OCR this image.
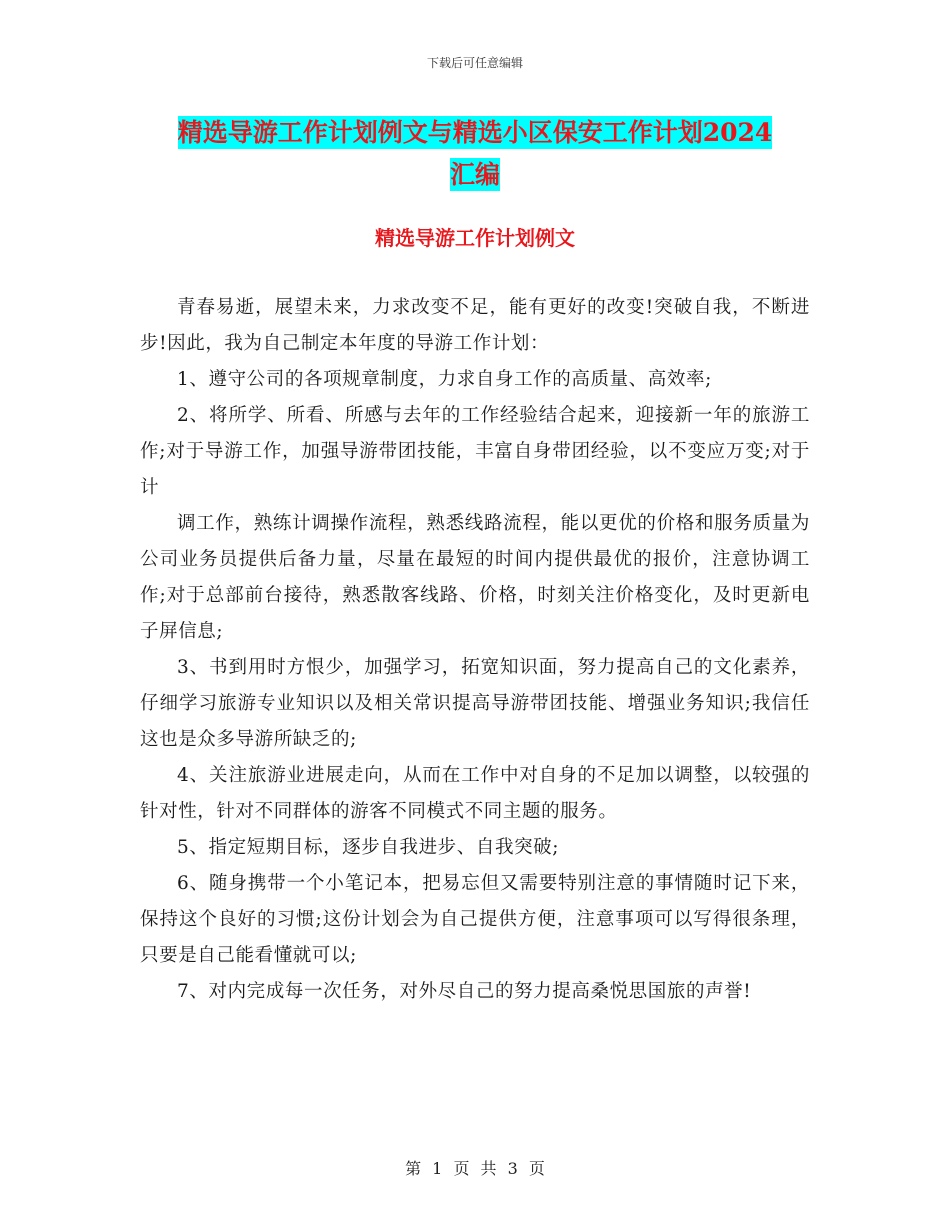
下载后可任意编辑
精选导游工作计划例文与精选小区保安工作计划2024
汇编
精选导游工作计划例文

青春易逝，展望未来，力求改变不足，能有更好的改变!突破自我，不断进步!因此，我为自己制定本年度的导游工作计划：

1、遵守公司的各项规章制度，力求自身工作的高质量、高效率;

2、将所学、所看、所感与去年的工作经验结合起来，迎接新一年的旅游工作;对于导游工作，加强导游带团技能，丰富自身带团经验，以不变应万变;对于计

调工作，熟练计调操作流程，熟悉线路流程，能以更优的价格和服务质量为公司业务员提供后备力量，尽量在最短的时间内提供最优的报价，注意协调工作;对于总部前台接待，熟悉散客线路、价格，时刻关注价格变化，及时更新电子屏信息;

3、书到用时方恨少，加强学习，拓宽知识面，努力提高自己的文化素养，仔细学习旅游专业知识以及相关常识提高导游带团技能、增强业务知识;我信任这也是众多导游所缺乏的;

4、关注旅游业进展走向，从而在工作中对自身的不足加以调整，以较强的针对性，针对不同群体的游客不同模式不同主题的服务。

5、指定短期目标，逐步自我进步、自我突破;

6、随身携带一个小笔记本，把易忘但又需要特别注意的事情随时记下来，保持这个良好的习惯;这份计划会为自己提供方便，注意事项可以写得很条理，只要是自己能看懂就可以;

7、对内完成每一次任务，对外尽自己的努力提高桑悦思国旅的声誉!

第 1 页 共 3 页
